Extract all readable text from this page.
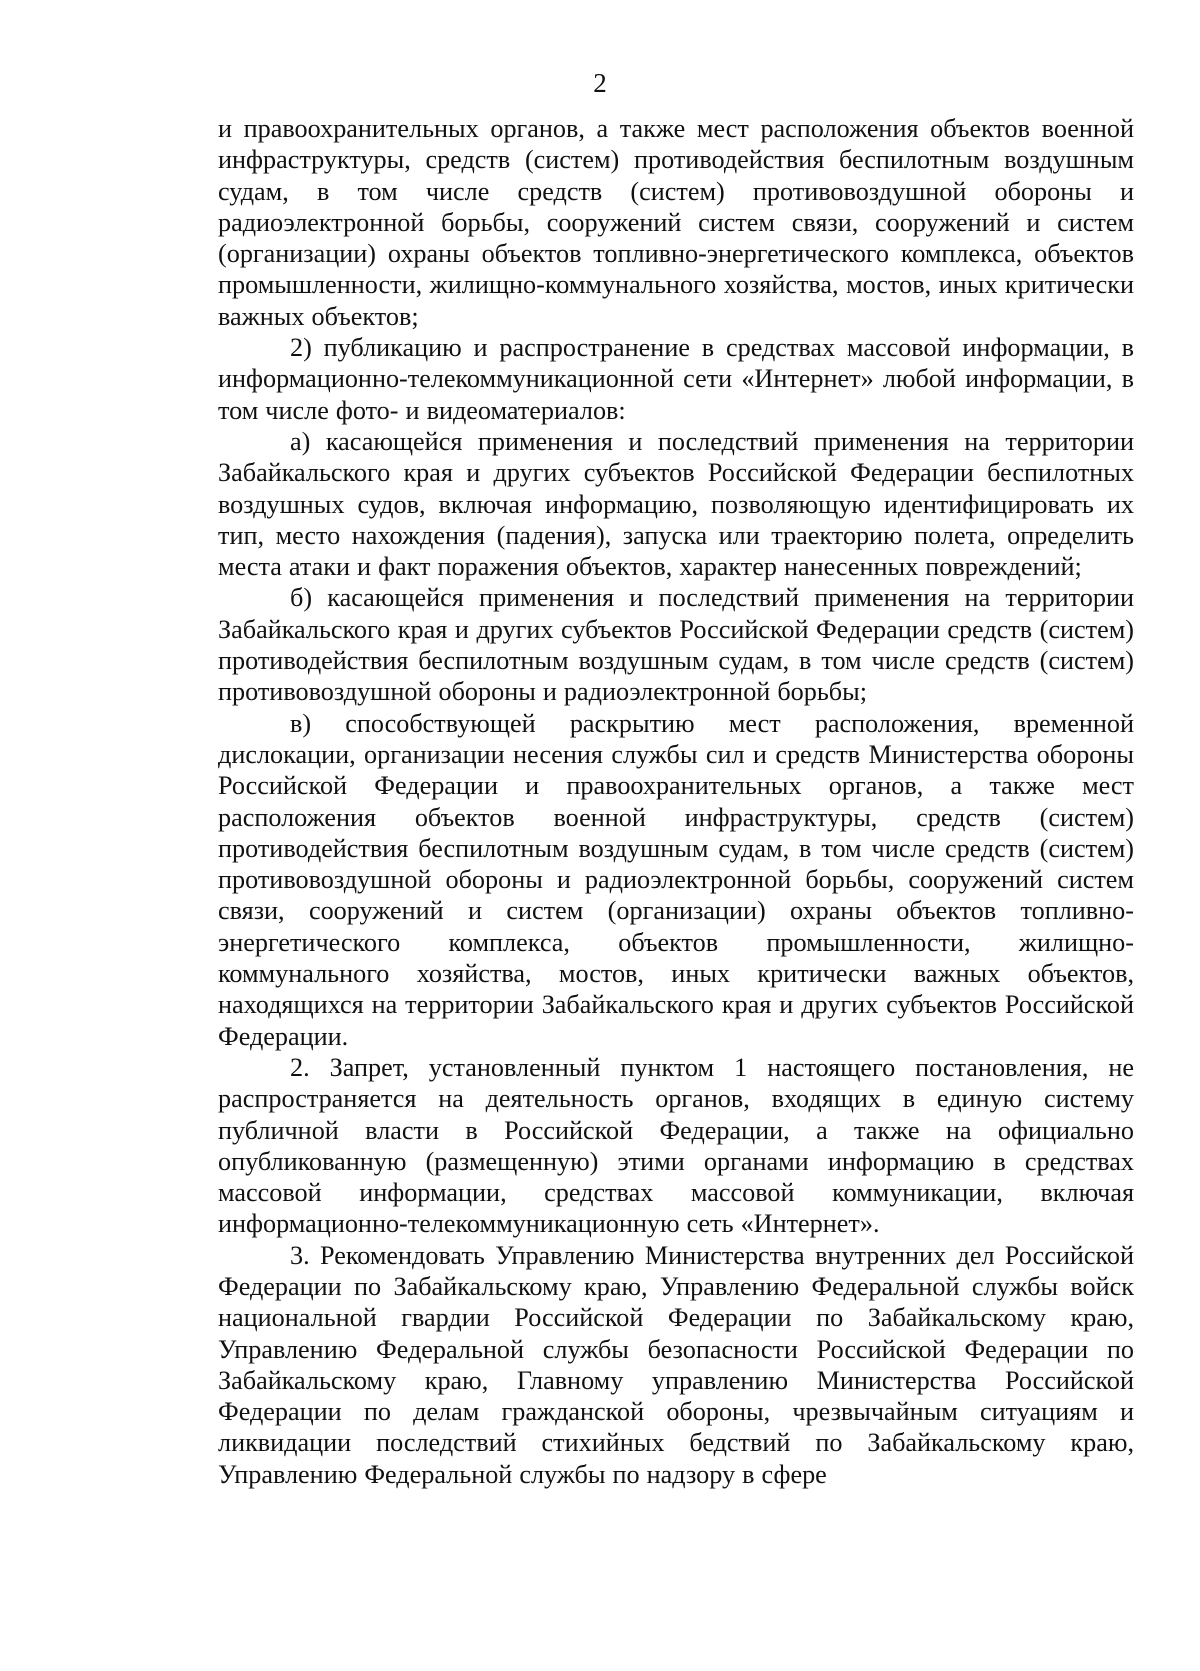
2

и правоохранительных органов, а также мест расположения объектов военной инфраструктуры, средств (систем) противодействия беспилотным воздушным судам, в том числе средств (систем) противовоздушной обороны и радиоэлектронной борьбы, сооружений систем связи, сооружений и систем (организации) охраны объектов топливно-энергетического комплекса, объектов промышленности, жилищно-коммунального хозяйства, мостов, иных критически важных объектов;

2) публикацию и распространение в средствах массовой информации, в информационно-телекоммуникационной сети «Интернет» любой информации, в том числе фото- и видеоматериалов:

а) касающейся применения и последствий применения на территории Забайкальского края и других субъектов Российской Федерации беспилотных воздушных судов, включая информацию, позволяющую идентифицировать их тип, место нахождения (падения), запуска или траекторию полета, определить места атаки и факт поражения объектов, характер нанесенных повреждений;

б) касающейся применения и последствий применения на территории Забайкальского края и других субъектов Российской Федерации средств (систем) противодействия беспилотным воздушным судам, в том числе средств (систем) противовоздушной обороны и радиоэлектронной борьбы;

в) способствующей раскрытию мест расположения, временной дислокации, организации несения службы сил и средств Министерства обороны Российской Федерации и правоохранительных органов, а также мест расположения объектов военной инфраструктуры, средств (систем) противодействия беспилотным воздушным судам, в том числе средств (систем) противовоздушной обороны и радиоэлектронной борьбы, сооружений систем связи, сооружений и систем (организации) охраны объектов топливно-энергетического комплекса, объектов промышленности, жилищно-коммунального хозяйства, мостов, иных критически важных объектов, находящихся на территории Забайкальского края и других субъектов Российской Федерации.

2. Запрет, установленный пунктом 1 настоящего постановления, не распространяется на деятельность органов, входящих в единую систему публичной власти в Российской Федерации, а также на официально опубликованную (размещенную) этими органами информацию в средствах массовой информации, средствах массовой коммуникации, включая информационно-телекоммуникационную сеть «Интернет».

3. Рекомендовать Управлению Министерства внутренних дел Российской Федерации по Забайкальскому краю, Управлению Федеральной службы войск национальной гвардии Российской Федерации по Забайкальскому краю, Управлению Федеральной службы безопасности Российской Федерации по Забайкальскому краю, Главному управлению Министерства Российской Федерации по делам гражданской обороны, чрезвычайным ситуациям и ликвидации последствий стихийных бедствий по Забайкальскому краю, Управлению Федеральной службы по надзору в сфере
